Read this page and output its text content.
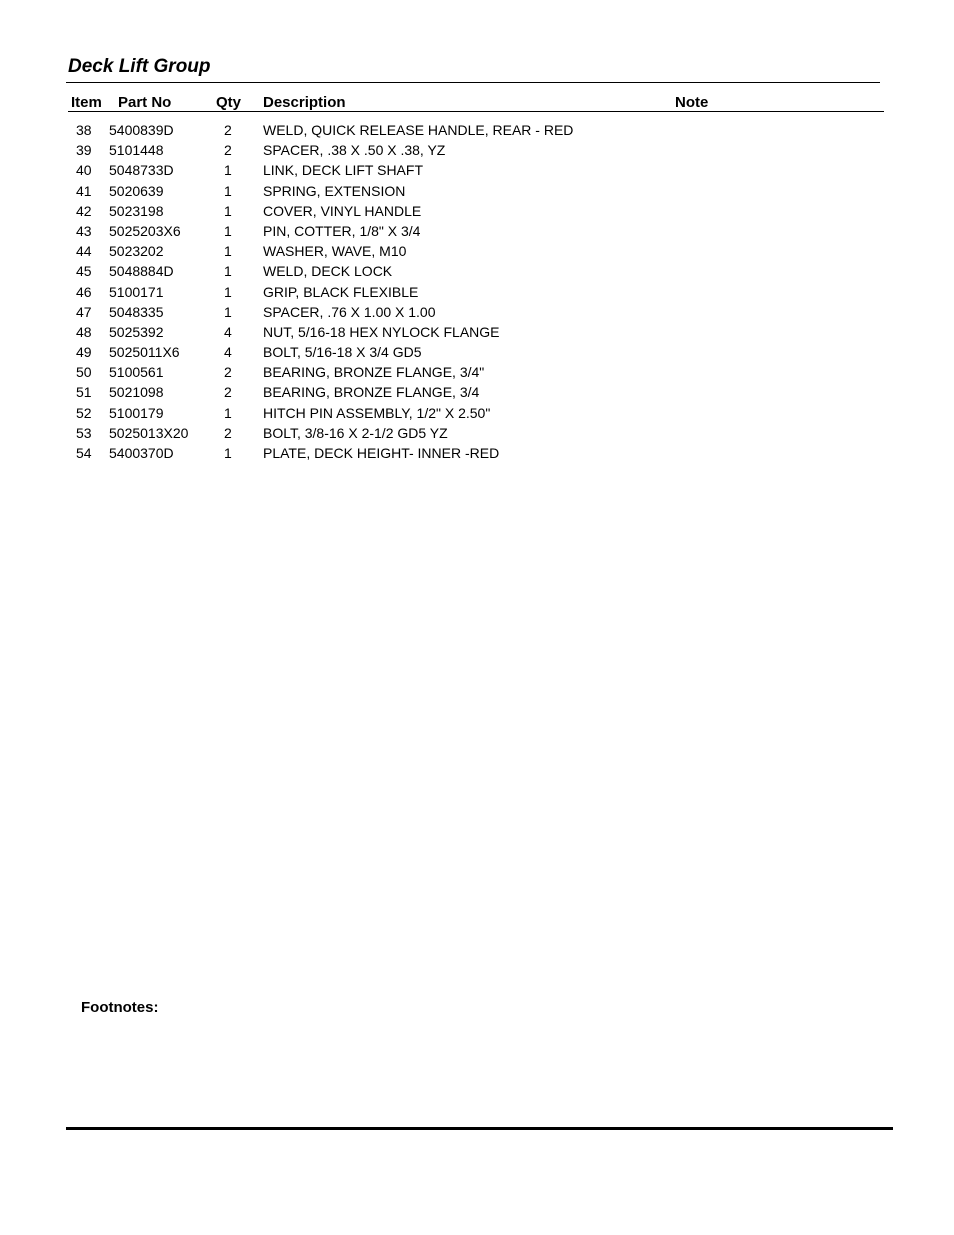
Deck Lift Group
Item Part No	Qty Description	Note
38 5400839D	2 WELD, QUICK RELEASE HANDLE, REAR - RED
39 5101448	2 SPACER, .38 X .50 X .38, YZ
40 5048733D	1 LINK, DECK LIFT SHAFT
41 5020639	1 SPRING, EXTENSION
42 5023198	1 COVER, VINYL HANDLE
43 5025203X6	1 PIN, COTTER, 1/8" X 3/4
44 5023202	1 WASHER, WAVE, M10
45 5048884D	1 WELD, DECK LOCK
46 5100171	1 GRIP, BLACK FLEXIBLE
47 5048335	1 SPACER, .76 X 1.00 X 1.00
48 5025392	4 NUT, 5/16-18 HEX NYLOCK FLANGE
49 5025011X6	4 BOLT, 5/16-18 X 3/4 GD5
50 5100561	2 BEARING, BRONZE FLANGE, 3/4"
51 5021098	2 BEARING, BRONZE FLANGE, 3/4
52 5100179	1 HITCH PIN ASSEMBLY, 1/2" X 2.50"
53 5025013X20	2 BOLT, 3/8-16 X 2-1/2 GD5 YZ
54 5400370D	1 PLATE, DECK HEIGHT- INNER -RED
Footnotes:
